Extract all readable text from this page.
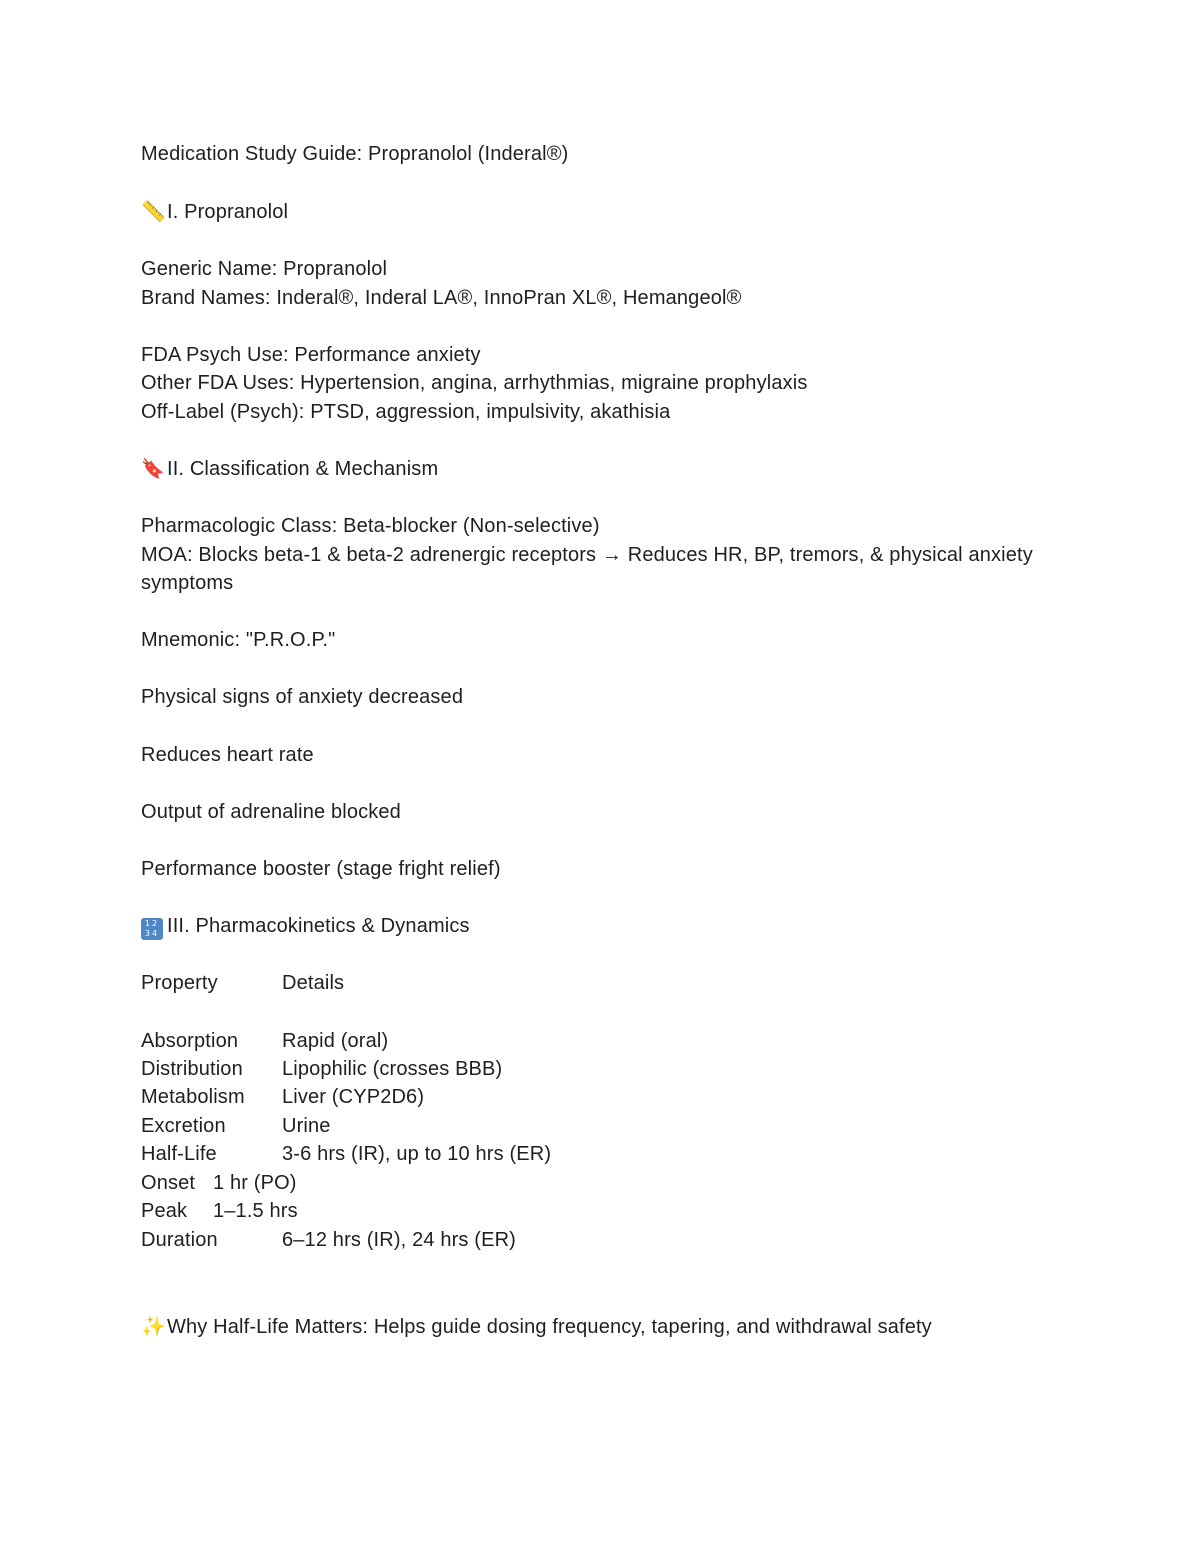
Medication Study Guide: Propranolol (Inderal®)
📏I. Propranolol
Generic Name: Propranolol
Brand Names: Inderal®, Inderal LA®, InnoPran XL®, Hemangeol®
FDA Psych Use: Performance anxiety
Other FDA Uses: Hypertension, angina, arrhythmias, migraine prophylaxis
Off-Label (Psych): PTSD, aggression, impulsivity, akathisia
🔖 II. Classification & Mechanism
Pharmacologic Class: Beta-blocker (Non-selective)
MOA: Blocks beta-1 & beta-2 adrenergic receptors → Reduces HR, BP, tremors, & physical anxiety symptoms
Mnemonic: "P.R.O.P."
Physical signs of anxiety decreased
Reduces heart rate
Output of adrenaline blocked
Performance booster (stage fright relief)
12
34 III. Pharmacokinetics & Dynamics
Property	Details
Absorption Rapid (oral)
Distribution Lipophilic (crosses BBB)
Metabolism Liver (CYP2D6)
Excretion	Urine
Half-Life	3-6 hrs (IR), up to 10 hrs (ER)
Onset 1 hr (PO)
Peak 1–1.5 hrs
Duration	6–12 hrs (IR), 24 hrs (ER)
✨Why Half-Life Matters: Helps guide dosing frequency, tapering, and withdrawal safety
